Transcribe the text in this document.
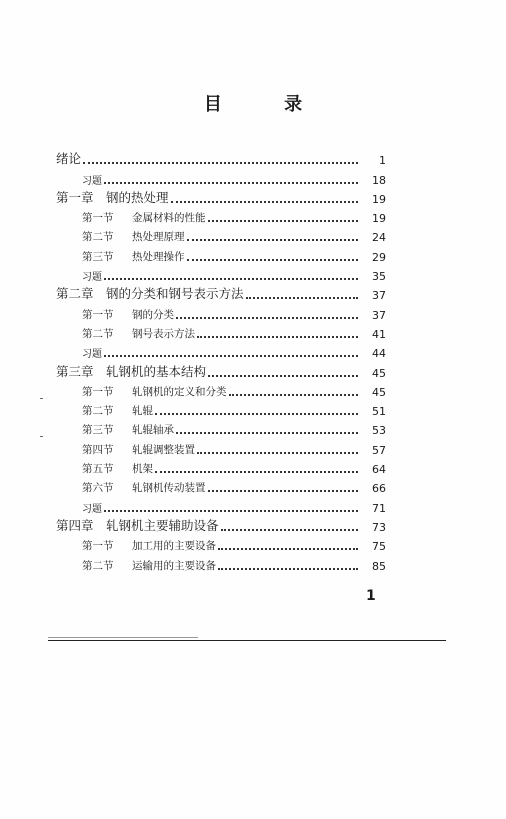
目 录
绪论	1
习题	18
第一章 钢的热处理	19
第一节 金属材料的性能	19
第二节 热处理原理	24
第三节 热处理操作	29
习题	35
第二章 钢的分类和钢号表示方法	37
第一节 钢的分类	37
第二节 钢号表示方法	41
习题	44
第三章 轧钢机的基本结构	45
第一节 轧钢机的定义和分类	45
第二节 轧辊	51
第三节 轧辊轴承	53
第四节 轧辊调整装置	57
第五节 机架	64
第六节 轧钢机传动装置	66
习题	71
第四章 轧钢机主要辅助设备	73
第一节 加工用的主要设备	75
第二节 运输用的主要设备	85
1
